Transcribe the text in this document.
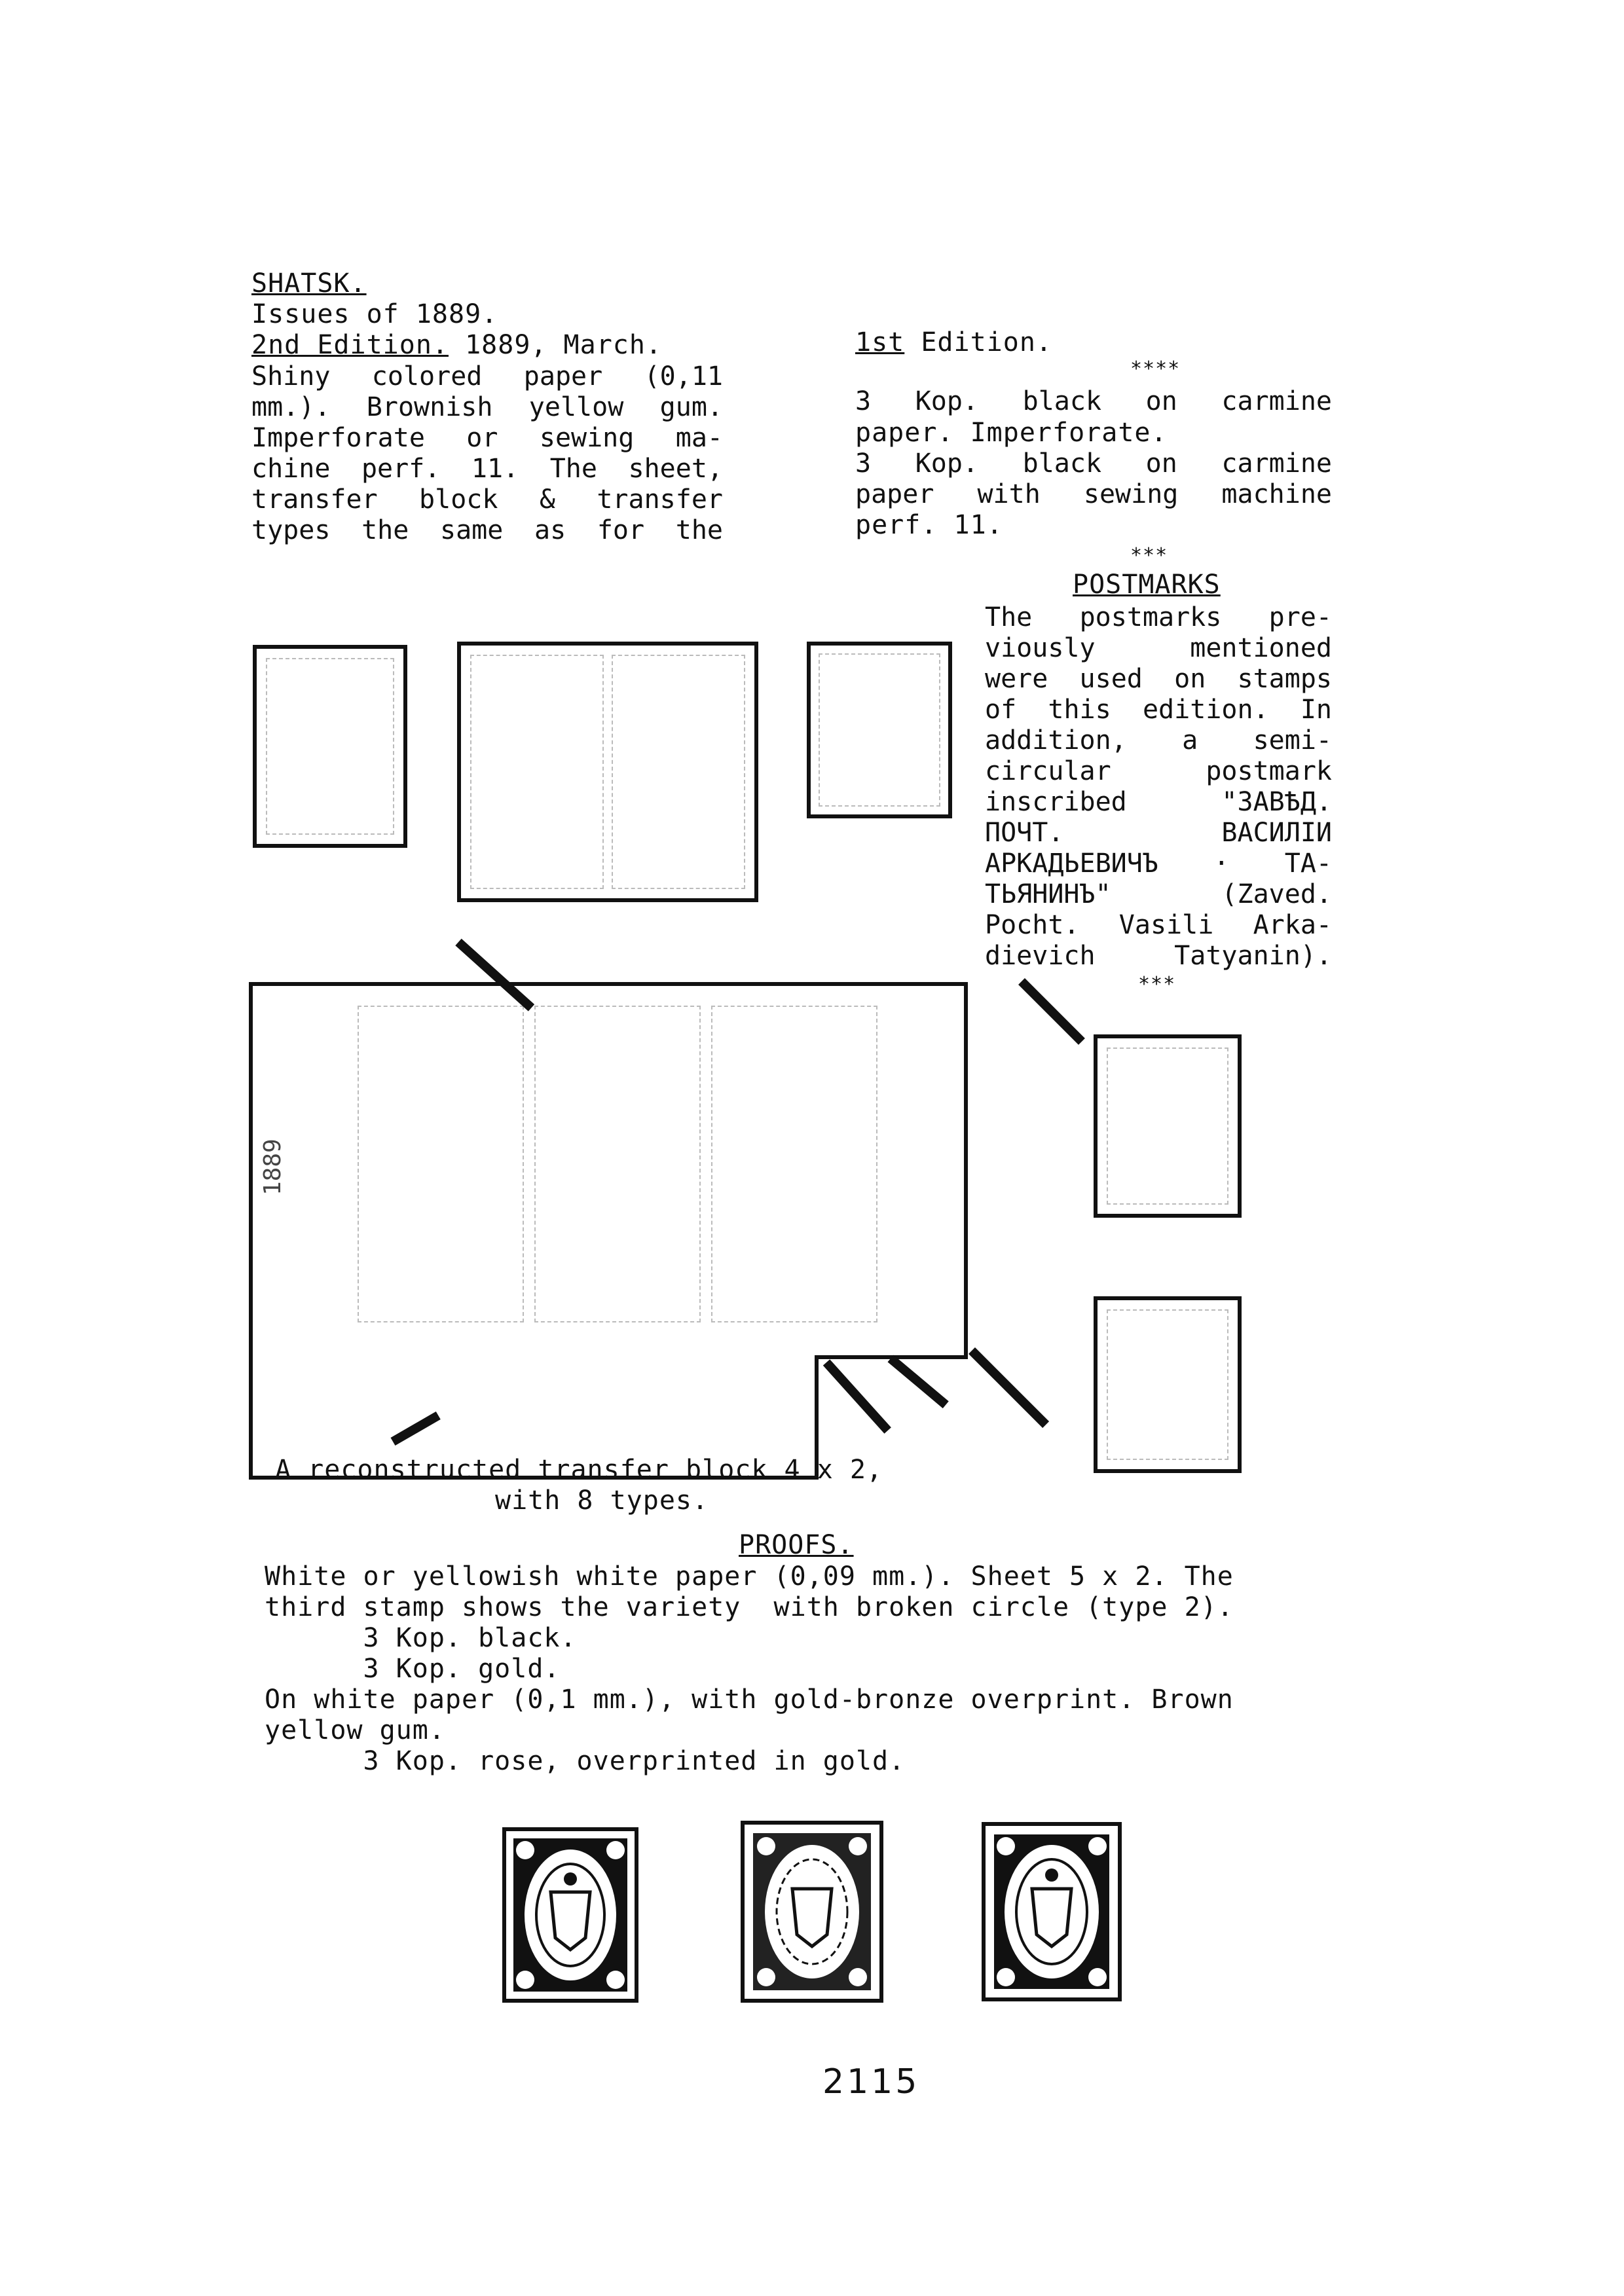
SHATSK.
Issues of 1889.
2nd Edition. 1889, March.
Shiny colored paper (0,11
mm.). Brownish yellow gum.
Imperforate or sewing ma-
chine perf. 11. The sheet,
transfer block & transfer
types the same as for the
1st Edition.
****
3 Kop. black on carmine
paper. Imperforate.
3 Kop. black on carmine
paper with sewing machine
perf. 11.
***
POSTMARKS
The postmarks pre-
viously mentioned
were used on stamps
of this edition. In
addition, a semi-
circular postmark
inscribed "ЗАВѢД.
ПОЧТ. ВАСИЛІИ
АРКАДЬЕВИЧЪ · ТА-
ТЬЯНИНЪ" (Zaved.
Pocht. Vasili Arka-
dievich Tatyanin).
***
1889
A reconstructed transfer block 4 x 2,
with 8 types.
PROOFS.
White or yellowish white paper (0,09 mm.). Sheet 5 x 2. The
third stamp shows the variety  with broken circle (type 2).
3 Kop. black.
3 Kop. gold.
On white paper (0,1 mm.), with gold-bronze overprint. Brown
yellow gum.
3 Kop. rose, overprinted in gold.
2115
